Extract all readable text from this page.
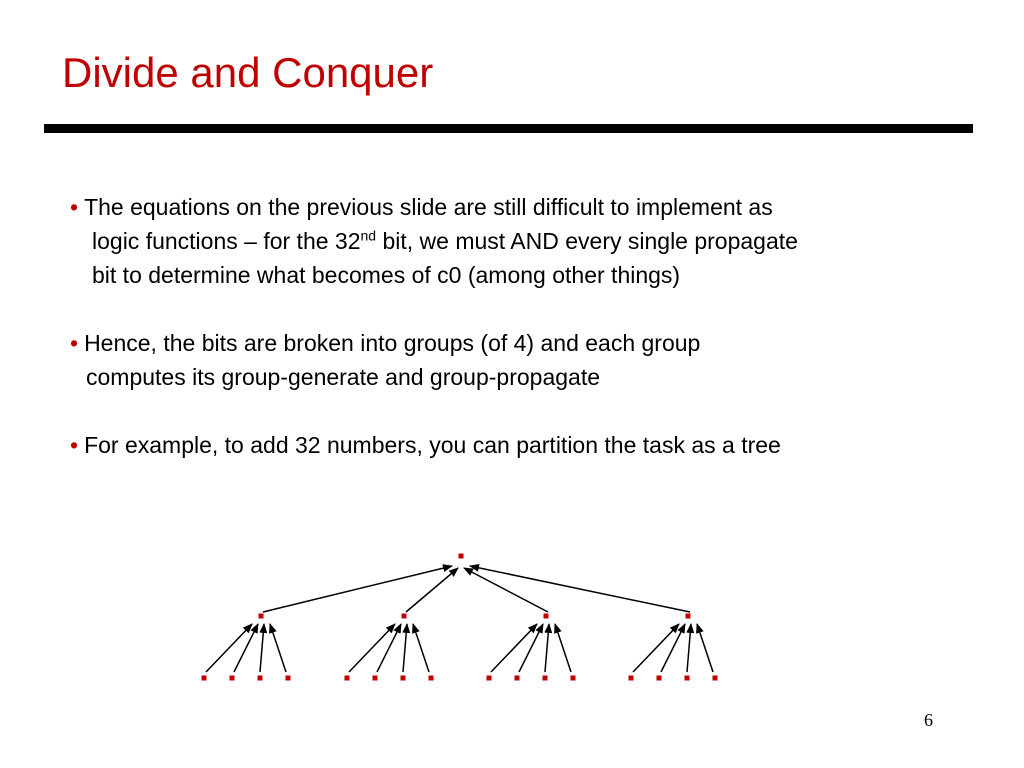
Divide and Conquer

• The equations on the previous slide are still difficult to implement as
logic functions – for the 32nd bit, we must AND every single propagate
bit to determine what becomes of c0 (among other things)

• Hence, the bits are broken into groups (of 4) and each group
computes its group-generate and group-propagate

• For example, to add 32 numbers, you can partition the task as a tree

6
